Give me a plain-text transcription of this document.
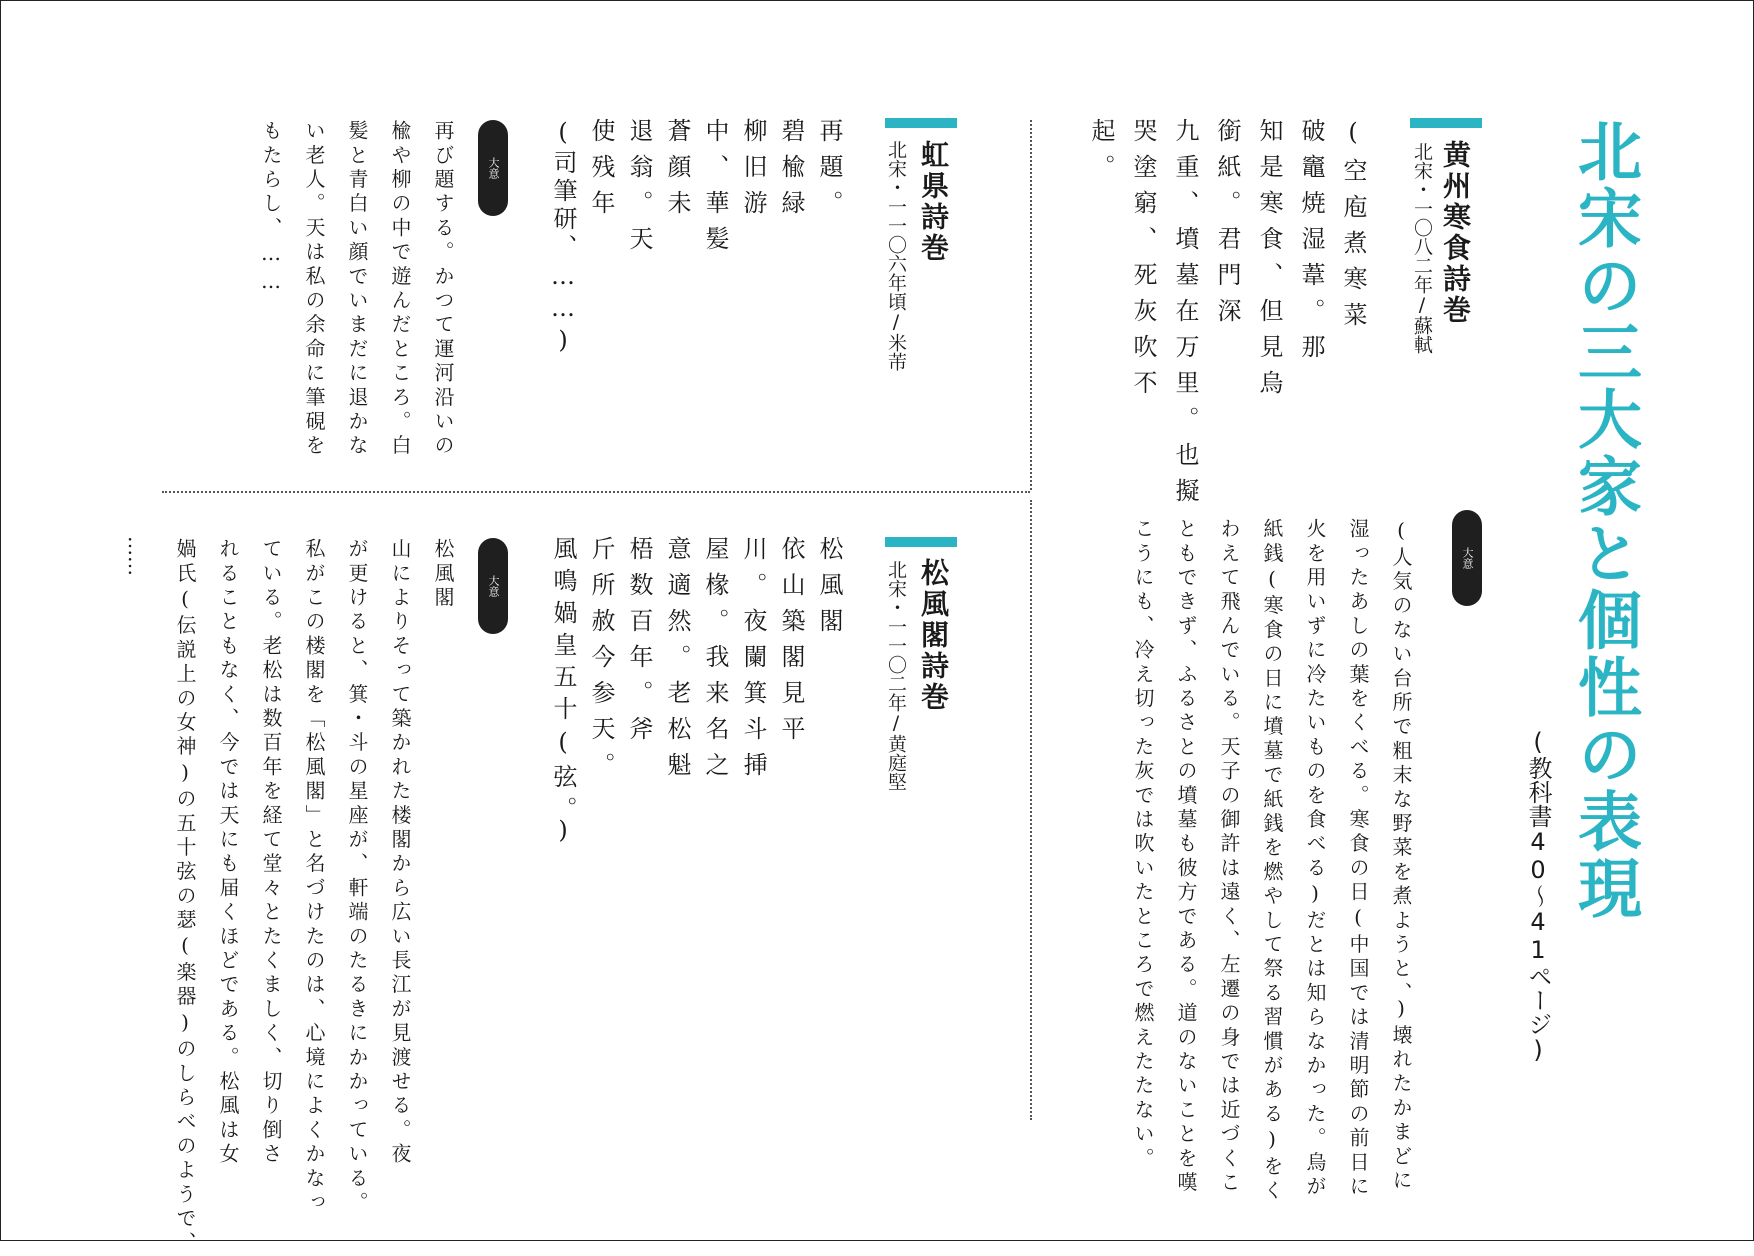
北宋の三大家と個性の表現
(教科書40〜41ページ)
黄州寒食詩巻
北宋・一〇八二年/蘇軾
(空庖煮寒菜
破竈焼湿葦。那
知是寒食、但見烏
銜紙。君門深
九重、墳墓在万里。也擬
哭塗窮、死灰吹不
起。
大意
(人気のない台所で粗末な野菜を煮ようと、)壊れたかまどに
湿ったあしの葉をくべる。寒食の日(中国では清明節の前日に
火を用いずに冷たいものを食べる)だとは知らなかった。烏が
紙銭(寒食の日に墳墓で紙銭を燃やして祭る習慣がある)をく
わえて飛んでいる。天子の御許は遠く、左遷の身では近づくこ
ともできず、ふるさとの墳墓も彼方である。道のないことを嘆
こうにも、冷え切った灰では吹いたところで燃えたたない。
虹県詩巻
北宋・一一〇六年頃/米芾
再題。
碧楡緑
柳旧游
中、華髪
蒼顔未
退翁。天
使残年
(司筆研、……)
大意
再び題する。かつて運河沿いの
楡や柳の中で遊んだところ。白
髪と青白い顔でいまだに退かな
い老人。天は私の余命に筆硯を
もたらし、……
松風閣詩巻
北宋・一一〇二年/黄庭堅
松風閣
依山築閣見平
川。夜闌箕斗挿
屋椽。我来名之
意適然。老松魁
梧数百年。斧
斤所赦今参天。
風鳴媧皇五十(弦。)
大意
松風閣
山によりそって築かれた楼閣から広い長江が見渡せる。夜
が更けると、箕・斗の星座が、軒端のたるきにかかっている。
私がこの楼閣を「松風閣」と名づけたのは、心境によくかなっ
ている。老松は数百年を経て堂々とたくましく、切り倒さ
れることもなく、今では天にも届くほどである。松風は女
媧氏(伝説上の女神)の五十弦の瑟(楽器)のしらべのようで、
……
